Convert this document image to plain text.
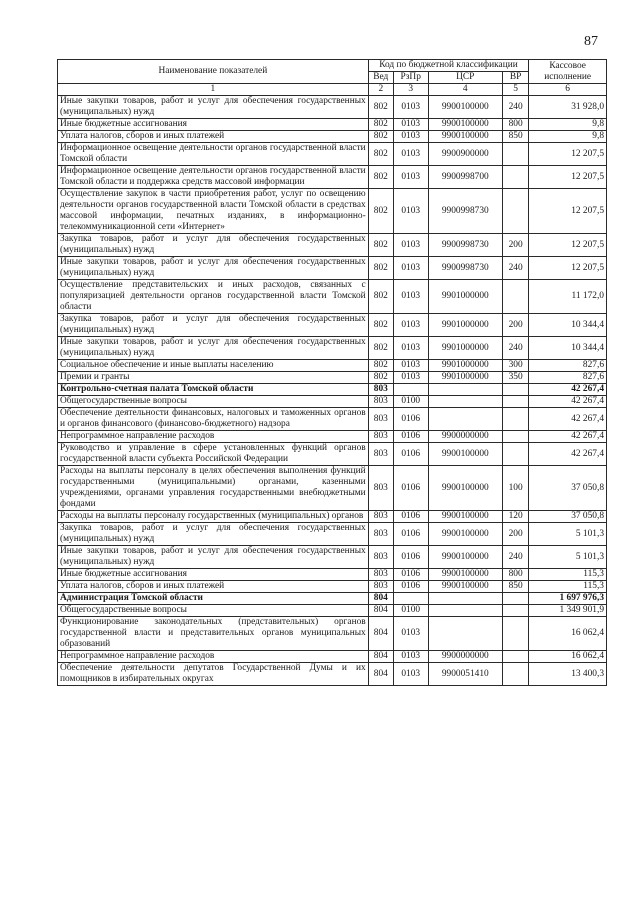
87
Наименование показателей	Код по бюджетной классификации				Кассовое исполнение
	Вед	РзПр	ЦСР	ВР	
1	2	3	4	5	6
Иные закупки товаров, работ и услуг для обеспечения государственных (муниципальных) нужд	802	0103	9900100000	240	31 928,0
Иные бюджетные ассигнования	802	0103	9900100000	800	9,8
Уплата налогов, сборов и иных платежей	802	0103	9900100000	850	9,8
Информационное освещение деятельности органов государственной власти Томской области	802	0103	9900900000		12 207,5
Информационное освещение деятельности органов государственной власти Томской области и поддержка средств массовой информации	802	0103	9900998700		12 207,5
Осуществление закупок в части приобретения работ, услуг по освещению деятельности органов государственной власти Томской области в средствах массовой информации, печатных изданиях, в информационно-телекоммуникационной сети «Интернет»	802	0103	9900998730		12 207,5
Закупка товаров, работ и услуг для обеспечения государственных (муниципальных) нужд	802	0103	9900998730	200	12 207,5
Иные закупки товаров, работ и услуг для обеспечения государственных (муниципальных) нужд	802	0103	9900998730	240	12 207,5
Осуществление представительских и иных расходов, связанных с популяризацией деятельности органов государственной власти Томской области	802	0103	9901000000		11 172,0
Закупка товаров, работ и услуг для обеспечения государственных (муниципальных) нужд	802	0103	9901000000	200	10 344,4
Иные закупки товаров, работ и услуг для обеспечения государственных (муниципальных) нужд	802	0103	9901000000	240	10 344,4
Социальное обеспечение и иные выплаты населению	802	0103	9901000000	300	827,6
Премии и гранты	802	0103	9901000000	350	827,6
Контрольно-счетная палата Томской области	803				42 267,4
Общегосударственные вопросы	803	0100			42 267,4
Обеспечение деятельности финансовых, налоговых и таможенных органов и органов финансового (финансово-бюджетного) надзора	803	0106			42 267,4
Непрограммное направление расходов	803	0106	9900000000		42 267,4
Руководство и управление в сфере установленных функций органов государственной власти субъекта Российской Федерации	803	0106	9900100000		42 267,4
Расходы на выплаты персоналу в целях обеспечения выполнения функций государственными (муниципальными) органами, казенными учреждениями, органами управления государственными внебюджетными фондами	803	0106	9900100000	100	37 050,8
Расходы на выплаты персоналу государственных (муниципальных) органов	803	0106	9900100000	120	37 050,8
Закупка товаров, работ и услуг для обеспечения государственных (муниципальных) нужд	803	0106	9900100000	200	5 101,3
Иные закупки товаров, работ и услуг для обеспечения государственных (муниципальных) нужд	803	0106	9900100000	240	5 101,3
Иные бюджетные ассигнования	803	0106	9900100000	800	115,3
Уплата налогов, сборов и иных платежей	803	0106	9900100000	850	115,3
Администрация Томской области	804				1 697 976,3
Общегосударственные вопросы	804	0100			1 349 901,9
Функционирование законодательных (представительных) органов государственной власти и представительных органов муниципальных образований	804	0103			16 062,4
Непрограммное направление расходов	804	0103	9900000000		16 062,4
Обеспечение деятельности депутатов Государственной Думы и их помощников в избирательных округах	804	0103	9900051410		13 400,3
